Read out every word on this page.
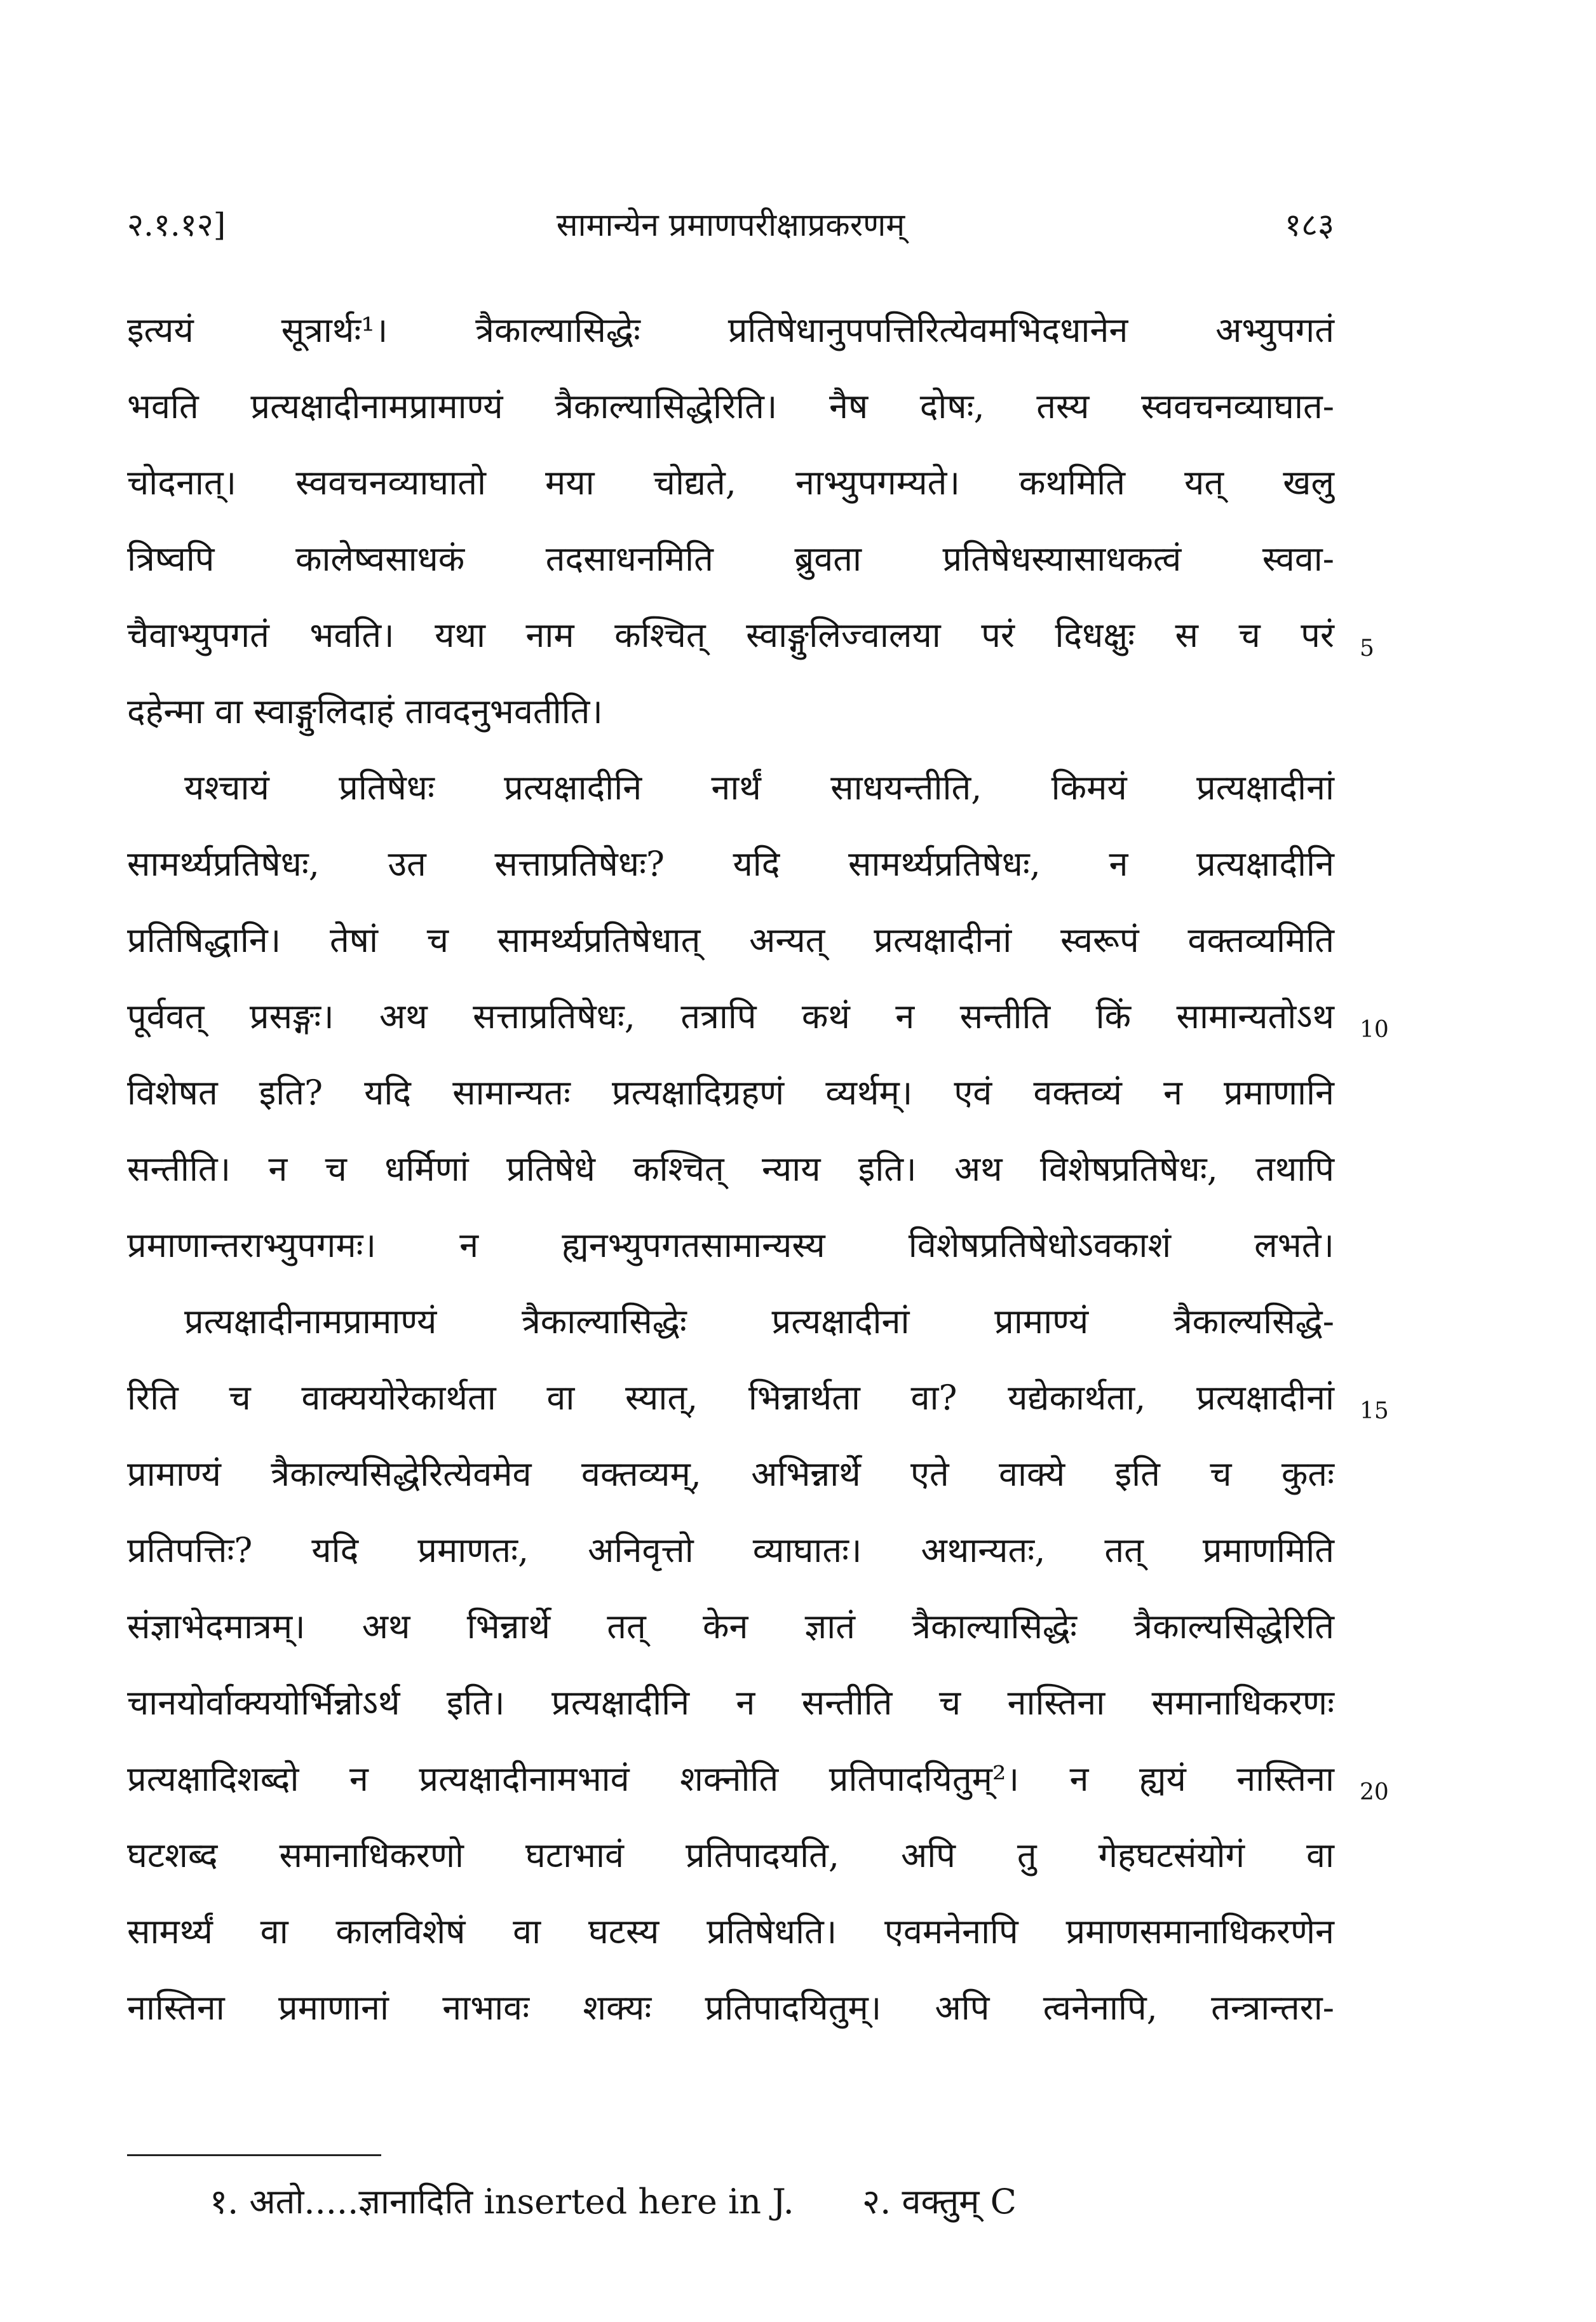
२.१.१२]	सामान्येन प्रमाणपरीक्षाप्रकरणम्	१८३
इत्ययं सूत्रार्थः¹। त्रैकाल्यासिद्धेः प्रतिषेधानुपपत्तिरित्येवमभिदधानेन अभ्युपगतं
भवति प्रत्यक्षादीनामप्रामाण्यं त्रैकाल्यासिद्धेरिति। नैष दोषः, तस्य स्ववचनव्याघात-
चोदनात्। स्ववचनव्याघातो मया चोद्यते, नाभ्युपगम्यते। कथमिति यत् खलु
त्रिष्वपि कालेष्वसाधकं तदसाधनमिति ब्रुवता प्रतिषेधस्यासाधकत्वं स्ववा-
चैवाभ्युपगतं भवति। यथा नाम कश्चित् स्वाङ्गुलिज्वालया परं दिधक्षुः स च परं
दहेन्मा वा स्वाङ्गुलिदाहं तावदनुभवतीति।
यश्चायं प्रतिषेधः प्रत्यक्षादीनि नार्थं साधयन्तीति, किमयं प्रत्यक्षादीनां
सामर्थ्यप्रतिषेधः, उत सत्ताप्रतिषेधः? यदि सामर्थ्यप्रतिषेधः, न प्रत्यक्षादीनि
प्रतिषिद्धानि। तेषां च सामर्थ्यप्रतिषेधात् अन्यत् प्रत्यक्षादीनां स्वरूपं वक्तव्यमिति
पूर्ववत् प्रसङ्गः। अथ सत्ताप्रतिषेधः, तत्रापि कथं न सन्तीति किं सामान्यतोऽथ
विशेषत इति? यदि सामान्यतः प्रत्यक्षादिग्रहणं व्यर्थम्। एवं वक्तव्यं न प्रमाणानि
सन्तीति। न च धर्मिणां प्रतिषेधे कश्चित् न्याय इति। अथ विशेषप्रतिषेधः, तथापि
प्रमाणान्तराभ्युपगमः। न ह्यनभ्युपगतसामान्यस्य विशेषप्रतिषेधोऽवकाशं लभते।
प्रत्यक्षादीनामप्रामाण्यं त्रैकाल्यासिद्धेः प्रत्यक्षादीनां प्रामाण्यं त्रैकाल्यसिद्धे-
रिति च वाक्ययोरेकार्थता वा स्यात्, भिन्नार्थता वा? यद्येकार्थता, प्रत्यक्षादीनां
प्रामाण्यं त्रैकाल्यसिद्धेरित्येवमेव वक्तव्यम्, अभिन्नार्थे एते वाक्ये इति च कुतः
प्रतिपत्तिः? यदि प्रमाणतः, अनिवृत्तो व्याघातः। अथान्यतः, तत् प्रमाणमिति
संज्ञाभेदमात्रम्। अथ भिन्नार्थे तत् केन ज्ञातं त्रैकाल्यासिद्धेः त्रैकाल्यसिद्धेरिति
चानयोर्वाक्ययोर्भिन्नोऽर्थ इति। प्रत्यक्षादीनि न सन्तीति च नास्तिना समानाधिकरणः
प्रत्यक्षादिशब्दो न प्रत्यक्षादीनामभावं शक्नोति प्रतिपादयितुम्²। न ह्ययं नास्तिना
घटशब्द समानाधिकरणो घटाभावं प्रतिपादयति, अपि तु गेहघटसंयोगं वा
सामर्थ्यं वा कालविशेषं वा घटस्य प्रतिषेधति। एवमनेनापि प्रमाणसमानाधिकरणेन
नास्तिना प्रमाणानां नाभावः शक्यः प्रतिपादयितुम्। अपि त्वनेनापि, तन्त्रान्तरा-
5
10
15
20
१. अतो.....ज्ञानादिति inserted here in J. २. वक्तुम् C
